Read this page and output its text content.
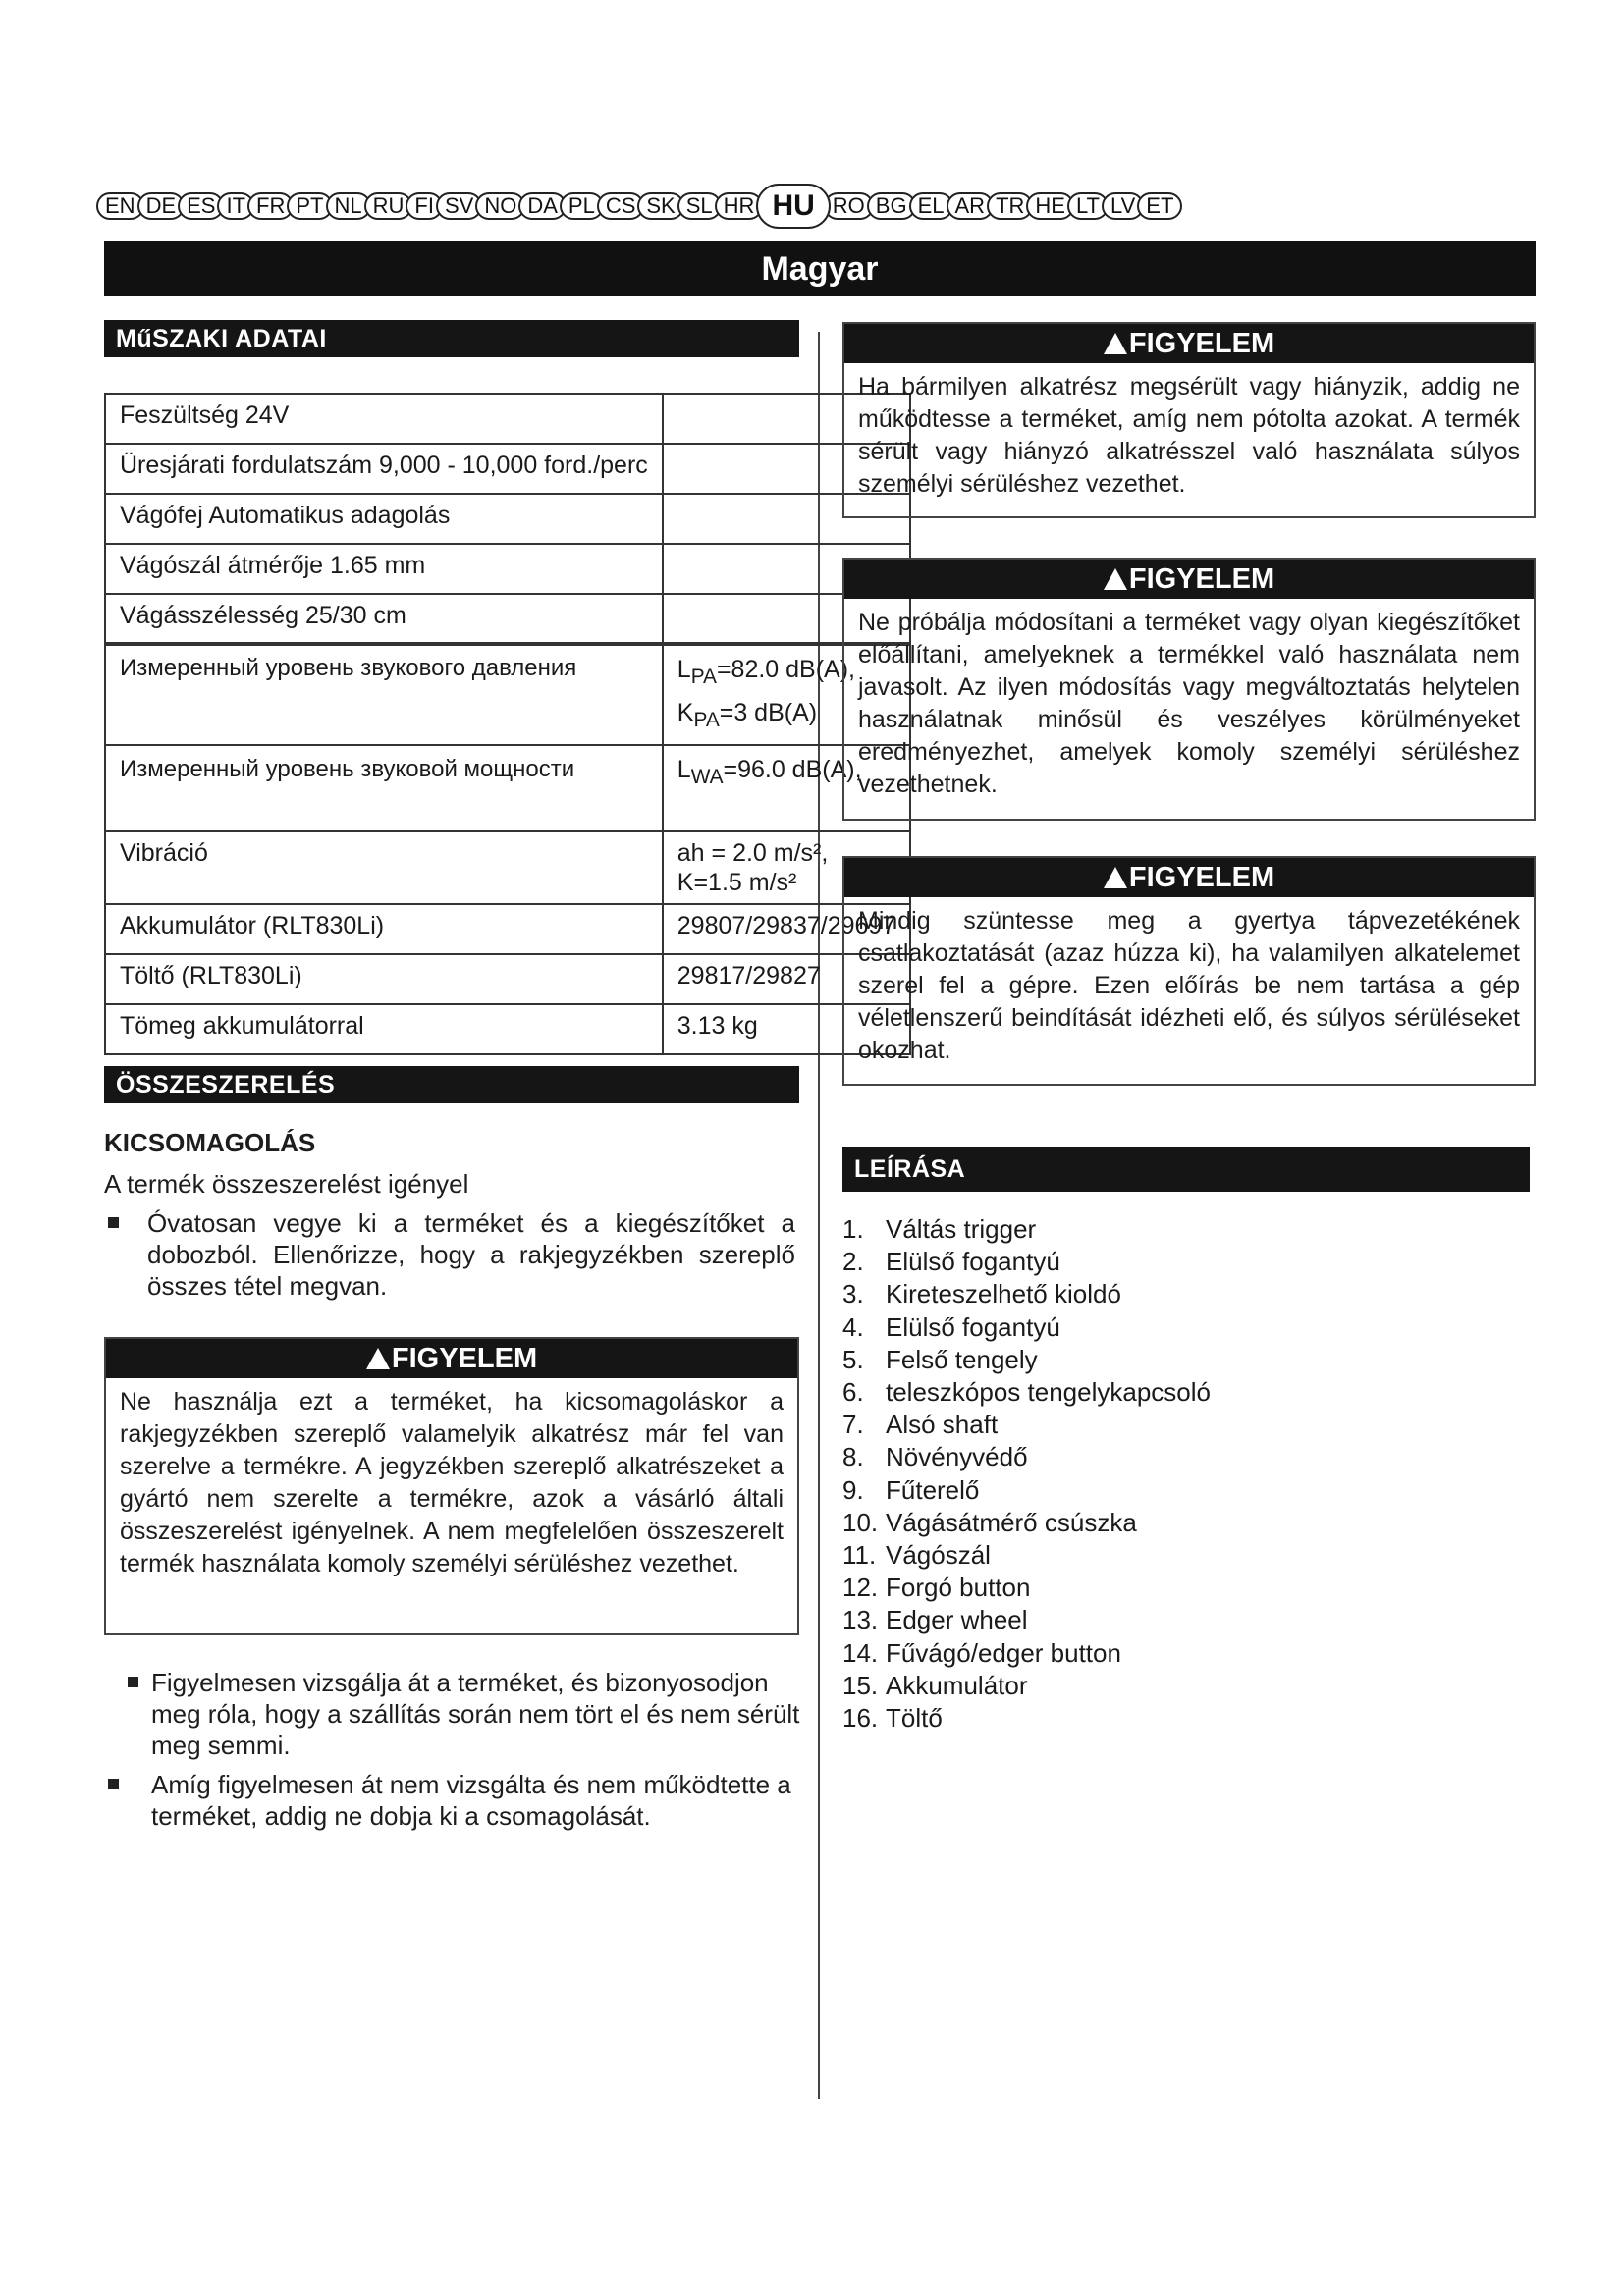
EN DE ES IT FR PT NL RU FI SV NO DA PL CS SK SL HR HU RO BG EL AR TR HE LT LV ET
Magyar
MűSZAKI ADATAI
Feszültség 24V	
Üresjárati fordulatszám 9,000 - 10,000 ford./perc	
Vágófej Automatikus adagolás	
Vágószál átmérője 1.65 mm	
Vágásszélesség 25/30 cm	
Измеренный уровень звукового давления	$L_{PA}=82.0$ dB(A),
$K_{PA}=3$ dB(A)
Измеренный уровень звуковой мощности	$L_{WA}=96.0$ dB(A),
Vibráció	ah = 2.0 m/s², K=1.5 m/s²
Akkumulátor (RLT830Li)	29807/29837/29697
Töltő (RLT830Li)	29817/29827
Tömeg akkumulátorral	3.13 kg
ÖSSZESZERELÉS
KICSOMAGOLÁS
A termék összeszerelést igényel
Óvatosan vegye ki a terméket és a kiegészítőket a dobozból. Ellenőrizze, hogy a rakjegyzékben szereplő összes tétel megvan.
FIGYELEM
Ne használja ezt a terméket, ha kicsomagoláskor a rakjegyzékben szereplő valamelyik alkatrész már fel van szerelve a termékre. A jegyzékben szereplő alkatrészeket a gyártó nem szerelte a termékre, azok a vásárló általi összeszerelést igényelnek. A nem megfelelően összeszerelt termék használata komoly személyi sérüléshez vezethet.
Figyelmesen vizsgálja át a terméket, és bizonyosodjon meg róla, hogy a szállítás során nem tört el és nem sérült meg semmi.
Amíg figyelmesen át nem vizsgálta és nem működtette a terméket, addig ne dobja ki a csomagolását.
FIGYELEM
Ha bármilyen alkatrész megsérült vagy hiányzik, addig ne működtesse a terméket, amíg nem pótolta azokat. A termék sérült vagy hiányzó alkatrésszel való használata súlyos személyi sérüléshez vezethet.
FIGYELEM
Ne próbálja módosítani a terméket vagy olyan kiegészítőket előállítani, amelyeknek a termékkel való használata nem javasolt. Az ilyen módosítás vagy megváltoztatás helytelen használatnak minősül és veszélyes körülményeket eredményezhet, amelyek komoly személyi sérüléshez vezethetnek.
FIGYELEM
Mindig szüntesse meg a gyertya tápvezetékének csatlakoztatását (azaz húzza ki), ha valamilyen alkatelemet szerel fel a gépre. Ezen előírás be nem tartása a gép véletlenszerű beindítását idézheti elő, és súlyos sérüléseket okozhat.
LEÍRÁSA
1. Váltás trigger
2. Elülső fogantyú
3. Kireteszelhető kioldó
4. Elülső fogantyú
5. Felső tengely
6. teleszkópos tengelykapcsoló
7. Alsó shaft
8. Növényvédő
9. Fűterelő
10. Vágásátmérő csúszka
11. Vágószál
12. Forgó button
13. Edger wheel
14. Fűvágó/edger button
15. Akkumulátor
16. Töltő
